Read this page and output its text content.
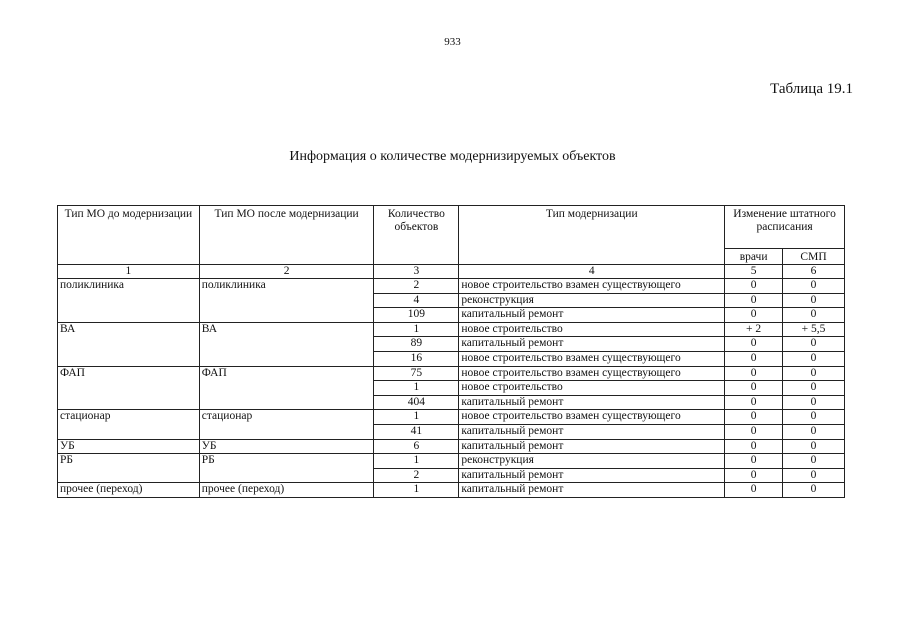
933
Таблица 19.1
Информация о количестве модернизируемых объектов
Тип МО до модернизации	Тип МО после модернизации	Количество объектов	Тип модернизации	Изменение штатного расписания	
				врачи	СМП
1	2	3	4	5	6
поликлиника	поликлиника	2	новое строительство взамен существующего	0	0
		4	реконструкция	0	0
		109	капитальный ремонт	0	0
ВА	ВА	1	новое строительство	+ 2	+ 5,5
		89	капитальный ремонт	0	0
		16	новое строительство взамен существующего	0	0
ФАП	ФАП	75	новое строительство взамен существующего	0	0
		1	новое строительство	0	0
		404	капитальный ремонт	0	0
стационар	стационар	1	новое строительство взамен существующего	0	0
		41	капитальный ремонт	0	0
УБ	УБ	6	капитальный ремонт	0	0
РБ	РБ	1	реконструкция	0	0
		2	капитальный ремонт	0	0
прочее (переход)	прочее (переход)	1	капитальный ремонт	0	0
